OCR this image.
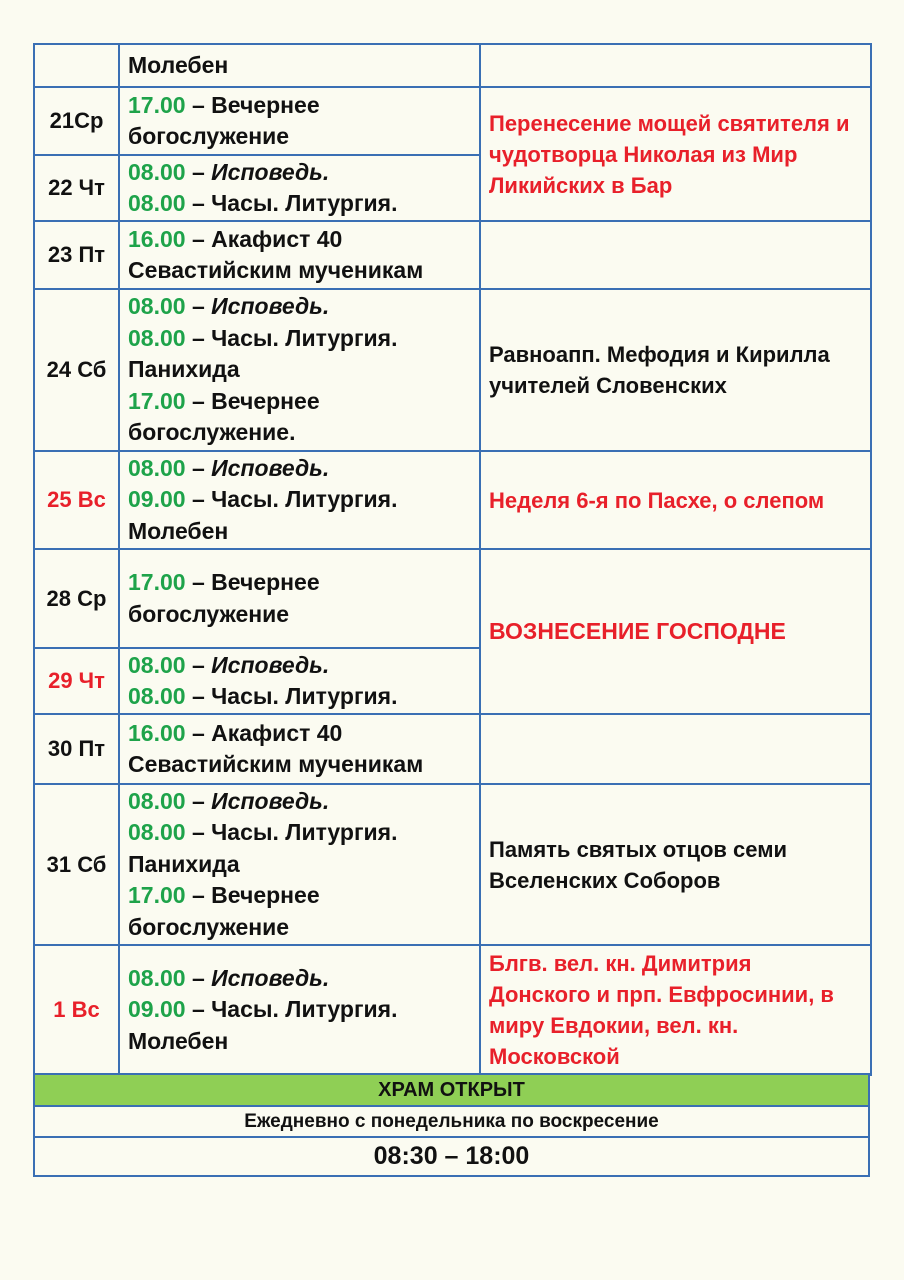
	Молебен	

21Ср	17.00 – Вечернее
богослужение	Перенесение мощей святителя и
чудотворца Николая из Мир
Ликийских в Бар

22 Чт	08.00 – Исповедь.
08.00 – Часы. Литургия.	

23 Пт	16.00 – Акафист 40
Севастийским мученикам	

24 Сб	08.00 – Исповедь.
08.00 – Часы. Литургия.
Панихида
17.00 – Вечернее
богослужение.	Равноапп. Мефодия и Кирилла
учителей Словенских

25 Вс	08.00 – Исповедь.
09.00 – Часы. Литургия.
Молебен	Неделя 6-я по Пасхе, о слепом

28 Ср	17.00 – Вечернее
богослужение	ВОЗНЕСЕНИЕ ГОСПОДНЕ

29 Чт	08.00 – Исповедь.
08.00 – Часы. Литургия.	

30 Пт	16.00 – Акафист 40
Севастийским мученикам	

31 Сб	08.00 – Исповедь.
08.00 – Часы. Литургия.
Панихида
17.00 – Вечернее
богослужение	Память святых отцов семи
Вселенских Соборов

1 Вс	08.00 – Исповедь.
09.00 – Часы. Литургия.
Молебен	Блгв. вел. кн. Димитрия
Донского и прп. Евфросинии, в
миру Евдокии, вел. кн.
Московской
ХРАМ ОТКРЫТ
Ежедневно с понедельника по воскресение
08:30 – 18:00
